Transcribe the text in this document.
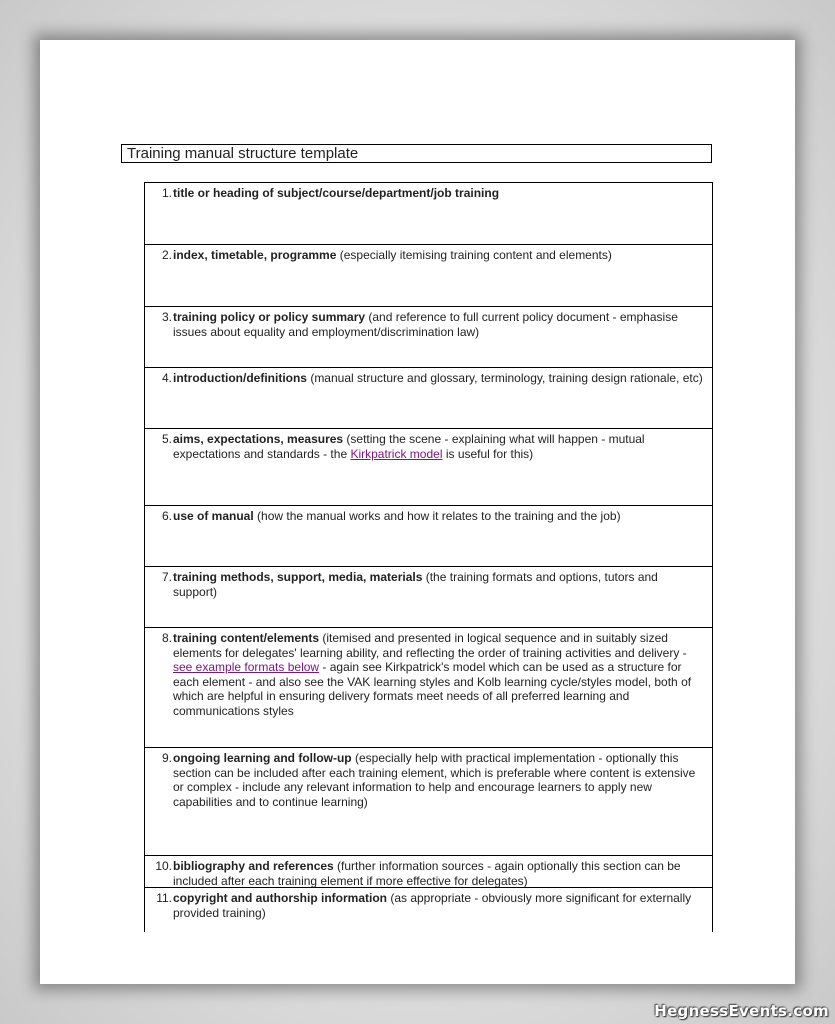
Training manual structure template
1. title or heading of subject/course/department/job training
2. index, timetable, programme (especially itemising training content and elements)
3. training policy or policy summary (and reference to full current policy document - emphasise issues about equality and employment/discrimination law)
4. introduction/definitions (manual structure and glossary, terminology, training design rationale, etc)
5. aims, expectations, measures (setting the scene - explaining what will happen - mutual expectations and standards - the Kirkpatrick model is useful for this)
6. use of manual (how the manual works and how it relates to the training and the job)
7. training methods, support, media, materials (the training formats and options, tutors and support)
8. training content/elements (itemised and presented in logical sequence and in suitably sized elements for delegates' learning ability, and reflecting the order of training activities and delivery - see example formats below - again see Kirkpatrick's model which can be used as a structure for each element - and also see the VAK learning styles and Kolb learning cycle/styles model, both of which are helpful in ensuring delivery formats meet needs of all preferred learning and communications styles
9. ongoing learning and follow-up (especially help with practical implementation - optionally this section can be included after each training element, which is preferable where content is extensive or complex - include any relevant information to help and encourage learners to apply new capabilities and to continue learning)
10. bibliography and references (further information sources - again optionally this section can be included after each training element if more effective for delegates)
11. copyright and authorship information (as appropriate - obviously more significant for externally provided training)
HegnessEvents.com
